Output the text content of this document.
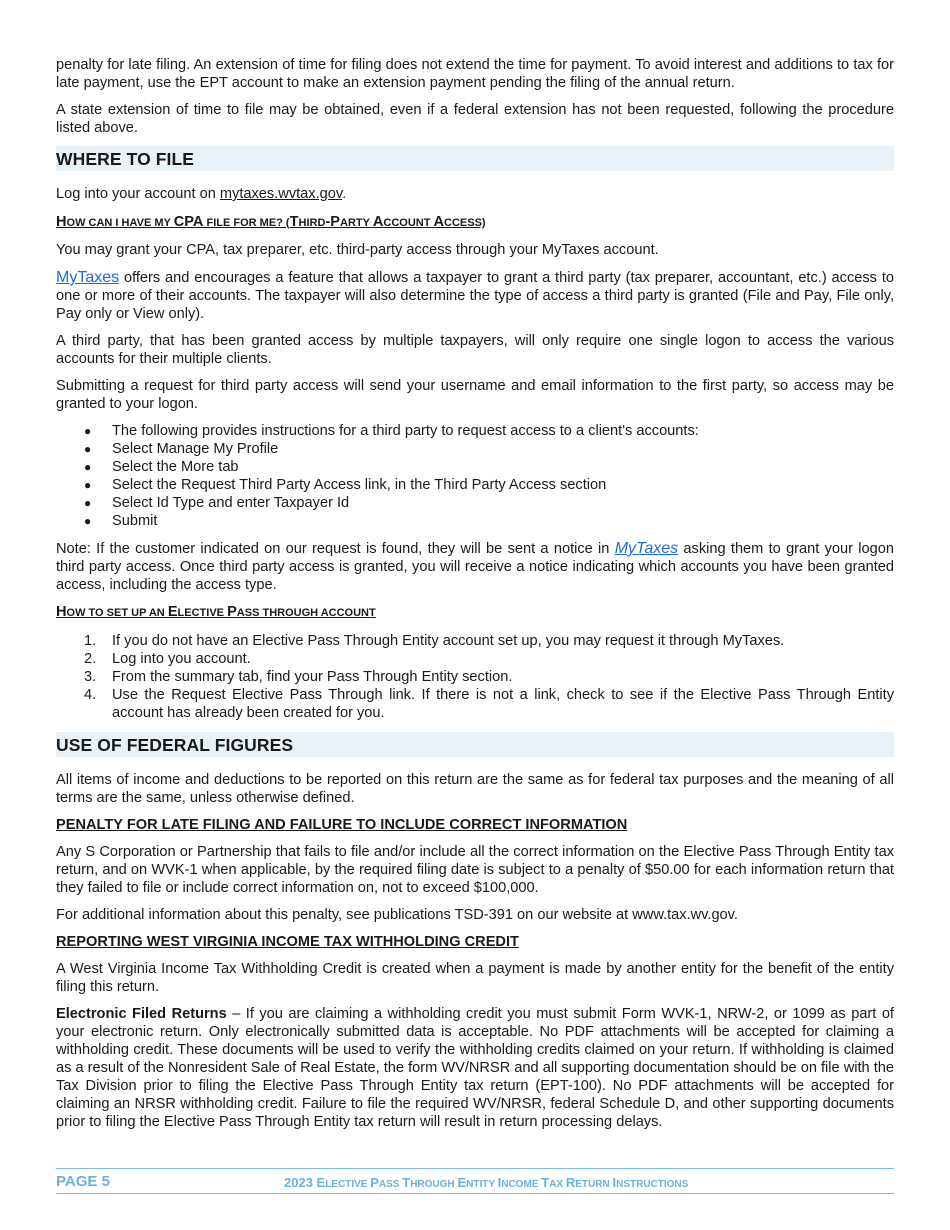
penalty for late filing. An extension of time for filing does not extend the time for payment. To avoid interest and additions to tax for late payment, use the EPT account to make an extension payment pending the filing of the annual return.

A state extension of time to file may be obtained, even if a federal extension has not been requested, following the procedure listed above.

WHERE TO FILE

Log into your account on mytaxes.wvtax.gov.

HOW CAN I HAVE MY CPA FILE FOR ME? (THIRD-PARTY ACCOUNT ACCESS)

You may grant your CPA, tax preparer, etc. third-party access through your MyTaxes account.

MyTaxes offers and encourages a feature that allows a taxpayer to grant a third party (tax preparer, accountant, etc.) access to one or more of their accounts. The taxpayer will also determine the type of access a third party is granted (File and Pay, File only, Pay only or View only).

A third party, that has been granted access by multiple taxpayers, will only require one single logon to access the various accounts for their multiple clients.

Submitting a request for third party access will send your username and email information to the first party, so access may be granted to your logon.

● The following provides instructions for a third party to request access to a client's accounts:
● Select Manage My Profile
● Select the More tab
● Select the Request Third Party Access link, in the Third Party Access section
● Select Id Type and enter Taxpayer Id
● Submit

Note: If the customer indicated on our request is found, they will be sent a notice in MyTaxes asking them to grant your logon third party access. Once third party access is granted, you will receive a notice indicating which accounts you have been granted access, including the access type.

HOW TO SET UP AN ELECTIVE PASS THROUGH ACCOUNT
1. If you do not have an Elective Pass Through Entity account set up, you may request it through MyTaxes.
2. Log into you account.
3. From the summary tab, find your Pass Through Entity section.
4. Use the Request Elective Pass Through link. If there is not a link, check to see if the Elective Pass Through Entity account has already been created for you.
USE OF FEDERAL FIGURES

All items of income and deductions to be reported on this return are the same as for federal tax purposes and the meaning of all terms are the same, unless otherwise defined.

PENALTY FOR LATE FILING AND FAILURE TO INCLUDE CORRECT INFORMATION

Any S Corporation or Partnership that fails to file and/or include all the correct information on the Elective Pass Through Entity tax return, and on WVK-1 when applicable, by the required filing date is subject to a penalty of $50.00 for each information return that they failed to file or include correct information on, not to exceed $100,000.

For additional information about this penalty, see publications TSD-391 on our website at www.tax.wv.gov.

REPORTING WEST VIRGINIA INCOME TAX WITHHOLDING CREDIT

A West Virginia Income Tax Withholding Credit is created when a payment is made by another entity for the benefit of the entity filing this return.

Electronic Filed Returns – If you are claiming a withholding credit you must submit Form WVK-1, NRW-2, or 1099 as part of your electronic return. Only electronically submitted data is acceptable. No PDF attachments will be accepted for claiming a withholding credit. These documents will be used to verify the withholding credits claimed on your return. If withholding is claimed as a result of the Nonresident Sale of Real Estate, the form WV/NRSR and all supporting documentation should be on file with the Tax Division prior to filing the Elective Pass Through Entity tax return (EPT-100). No PDF attachments will be accepted for claiming an NRSR withholding credit. Failure to file the required WV/NRSR, federal Schedule D, and other supporting documents prior to filing the Elective Pass Through Entity tax return will result in return processing delays.

PAGE 5	2023 ELECTIVE PASS THROUGH ENTITY INCOME TAX RETURN INSTRUCTIONS
